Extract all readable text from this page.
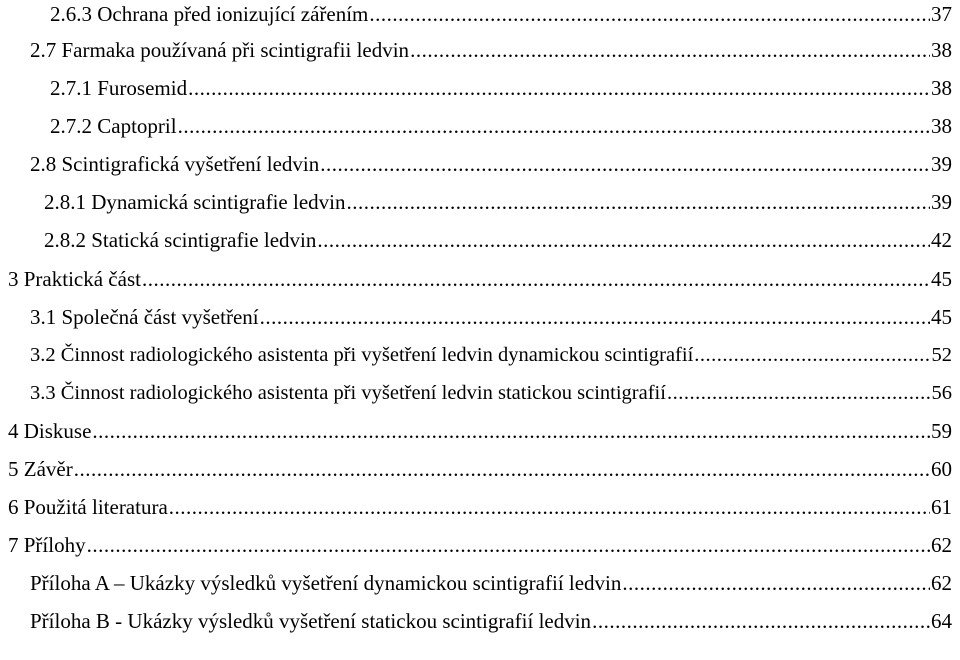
2.6.3 Ochrana před ionizující zářením .....	37
2.7 Farmaka používaná při scintigrafii ledvin .....	38
2.7.1 Furosemid .....	38
2.7.2 Captopril .....	38
2.8 Scintigrafická vyšetření ledvin .....	39
2.8.1 Dynamická scintigrafie ledvin .....	39
2.8.2 Statická scintigrafie ledvin .....	42
3 Praktická část .....	45
3.1 Společná část vyšetření .....	45
3.2 Činnost radiologického asistenta při vyšetření ledvin dynamickou scintigrafií .....	52
3.3 Činnost radiologického asistenta při vyšetření ledvin statickou scintigrafií .....	56
4 Diskuse .....	59
5 Závěr .....	60
6 Použitá literatura .....	61
7 Přílohy .....	62
Příloha A – Ukázky výsledků vyšetření dynamickou scintigrafií ledvin .....	62
Příloha B - Ukázky výsledků vyšetření statickou scintigrafií ledvin .....	64
